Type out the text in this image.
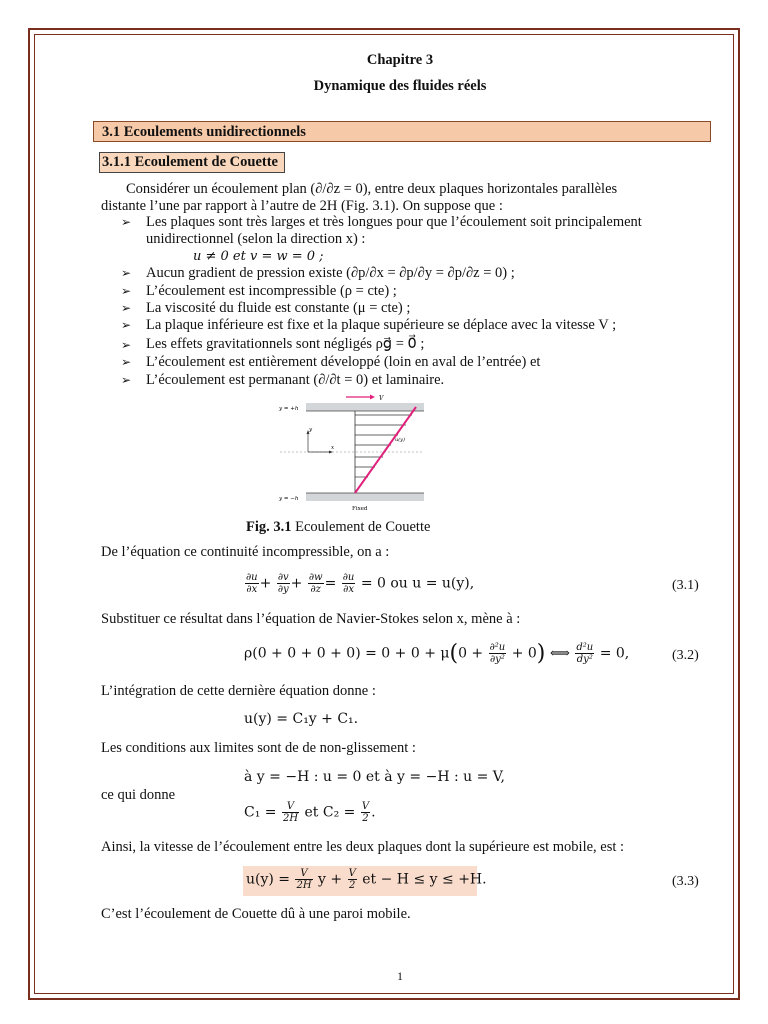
Chapitre 3
Dynamique des fluides réels
3.1 Ecoulements unidirectionnels
3.1.1 Ecoulement de Couette
Considérer un écoulement plan (∂/∂z = 0), entre deux plaques horizontales parallèles
distante l’une par rapport à l’autre de 2H (Fig. 3.1). On suppose que :
➢ Les plaques sont très larges et très longues pour que l’écoulement soit principalement
unidirectionnel (selon la direction x) :
u ≠ 0 et v = w = 0 ;
➢ Aucun gradient de pression existe (∂p/∂x = ∂p/∂y = ∂p/∂z = 0) ;
➢ L’écoulement est incompressible (ρ = cte) ;
➢ La viscosité du fluide est constante (μ = cte) ;
➢ La plaque inférieure est fixe et la plaque supérieure se déplace avec la vitesse V ;
➢ Les effets gravitationnels sont négligés ρg⃗ = 0⃗ ;
➢ L’écoulement est entièrement développé (loin en aval de l’entrée) et
➢ L’écoulement est permanant (∂/∂t = 0) et laminaire.
V
y
x
y = +h
y = −h
u(y)
Fixed
Fig. 3.1 Ecoulement de Couette
De l’équation ce continuité incompressible, on a :
$\frac{\partial u}{\partial x} + \frac{\partial v}{\partial y} + \frac{\partial w}{\partial z} = \frac{\partial u}{\partial x} = 0$ ou u = u(y),	(3.1)
Substituer ce résultat dans l’équation de Navier-Stokes selon x, mène à :
$\rho(0 + 0 + 0 + 0) = 0 + 0 + \mu(0 + \frac{\text{∂²u}}{\text{∂y²}} + 0)$ ⟺ $\frac{\text{d²u}}{\text{dy²}} = 0$,	(3.2)
L’intégration de cette dernière équation donne :
u(y) = C₁y + C₁.
Les conditions aux limites sont de de non-glissement :
à y = −H : u = 0 et à y = −H : u = V,
ce qui donne
$C_1 = \frac{V}{2H}$ et $C_2 = \frac{V}{2}$ .
Ainsi, la vitesse de l’écoulement entre les deux plaques dont la supérieure est mobile, est :
$u(y) = \frac{V}{2H}$ $y + \frac{V}{2}$ et − H ≤ y ≤ +H.	(3.3)
C’est l’écoulement de Couette dû à une paroi mobile.
1
